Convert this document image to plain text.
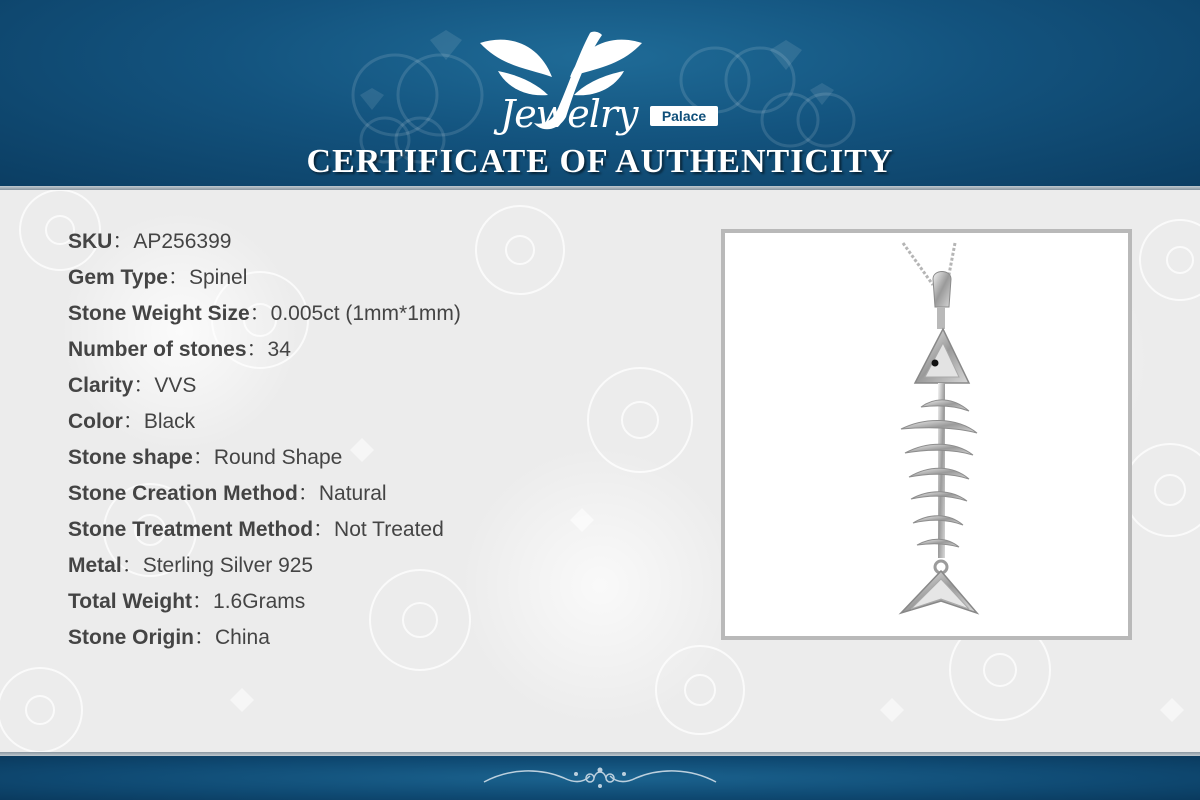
Jewelry	Palace
CERTIFICATE OF AUTHENTICITY
SKU：AP256399
Gem Type：Spinel
Stone Weight Size：0.005ct (1mm*1mm)
Number of stones：34
Clarity：VVS
Color：Black
Stone shape：Round Shape
Stone Creation Method：Natural
Stone Treatment Method：Not Treated
Metal：Sterling Silver 925
Total Weight：1.6Grams
Stone Origin：China
